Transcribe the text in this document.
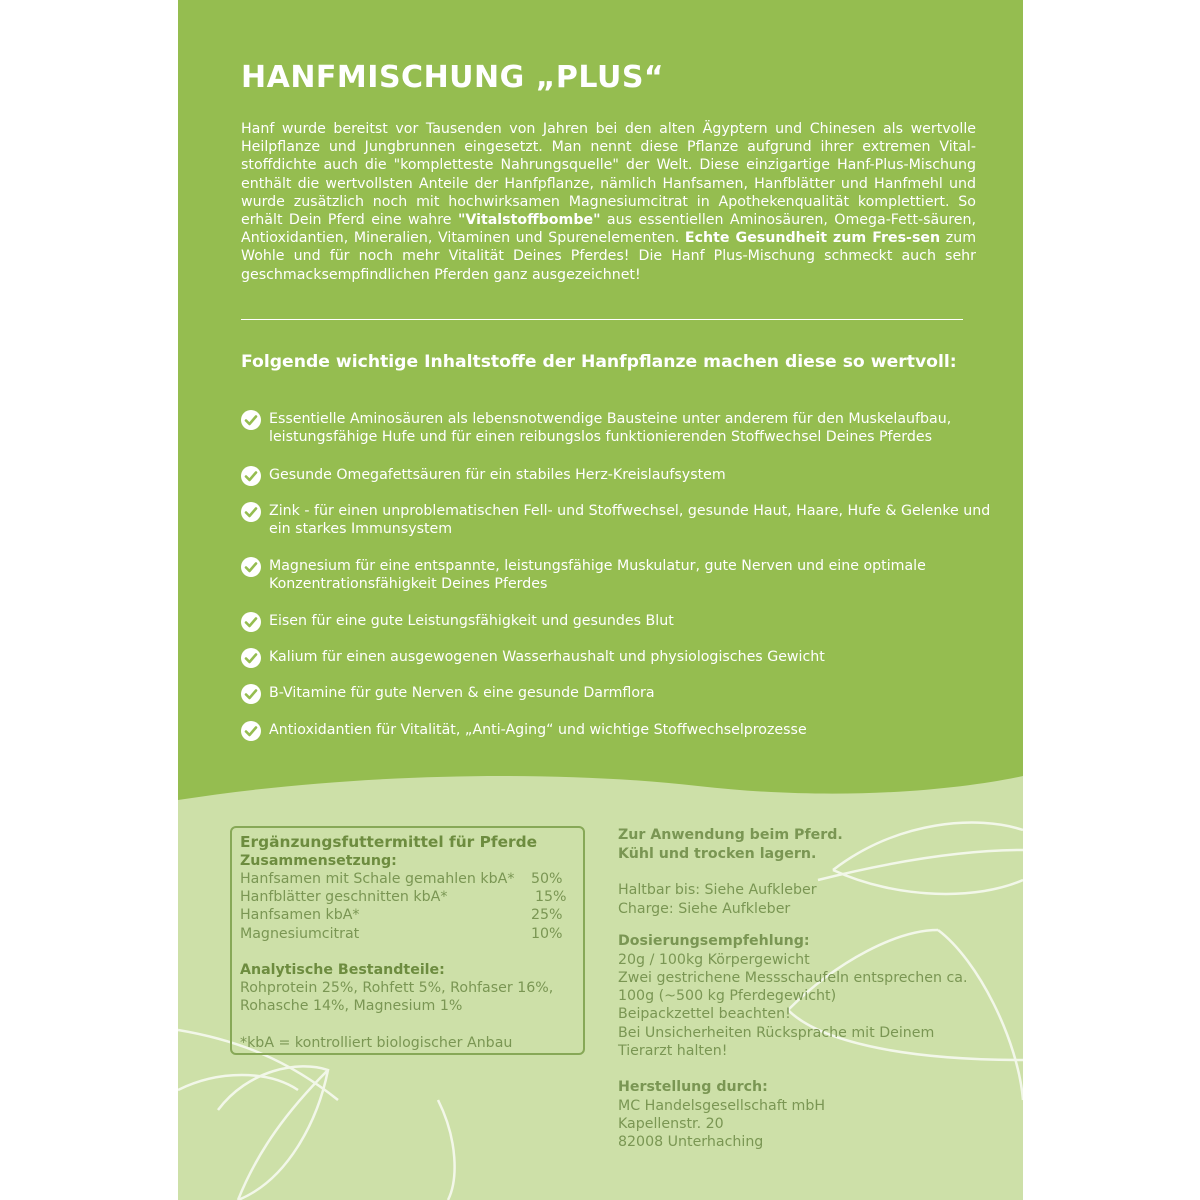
HANFMISCHUNG „PLUS“
Hanf wurde bereitst vor Tausenden von Jahren bei den alten Ägyptern und Chinesen als wertvolle Heilpflanze und Jungbrunnen eingesetzt. Man nennt diese Pflanze aufgrund ihrer extremen Vital-stoffdichte auch die "kompletteste Nahrungsquelle" der Welt. Diese einzigartige Hanf-Plus-Mischung enthält die wertvollsten Anteile der Hanfpflanze, nämlich Hanfsamen, Hanfblätter und Hanfmehl und wurde zusätzlich noch mit hochwirksamen Magnesiumcitrat in Apothekenqualität komplettiert. So erhält Dein Pferd eine wahre "Vitalstoffbombe" aus essentiellen Aminosäuren, Omega-Fett-säuren, Antioxidantien, Mineralien, Vitaminen und Spurenelementen. Echte Gesundheit zum Fres-sen zum Wohle und für noch mehr Vitalität Deines Pferdes! Die Hanf Plus-Mischung schmeckt auch sehr geschmacksempfindlichen Pferden ganz ausgezeichnet!
Folgende wichtige Inhaltstoffe der Hanfpflanze machen diese so wertvoll:
Essentielle Aminosäuren als lebensnotwendige Bausteine unter anderem für den Muskelaufbau, leistungsfähige Hufe und für einen reibungslos funktionierenden Stoffwechsel Deines Pferdes
Gesunde Omegafettsäuren für ein stabiles Herz-Kreislaufsystem
Zink - für einen unproblematischen Fell- und Stoffwechsel, gesunde Haut, Haare, Hufe & Gelenke und ein starkes Immunsystem
Magnesium für eine entspannte, leistungsfähige Muskulatur, gute Nerven und eine optimale Konzentrationsfähigkeit Deines Pferdes
Eisen für eine gute Leistungsfähigkeit und gesundes Blut
Kalium für einen ausgewogenen Wasserhaushalt und physiologisches Gewicht
B-Vitamine für gute Nerven & eine gesunde Darmflora
Antioxidantien für Vitalität, „Anti-Aging“ und wichtige Stoffwechselprozesse
Ergänzungsfuttermittel für Pferde
Zusammensetzung:
Hanfsamen mit Schale gemahlen kbA* 50%
Hanfblätter geschnitten kbA*	15%
Hanfsamen kbA*	25%
Magnesiumcitrat	10%
Analytische Bestandteile:
Rohprotein 25%, Rohfett 5%, Rohfaser 16%,
Rohasche 14%, Magnesium 1%
*kbA = kontrolliert biologischer Anbau
Zur Anwendung beim Pferd.
Kühl und trocken lagern.
Haltbar bis: Siehe Aufkleber
Charge: Siehe Aufkleber
Dosierungsempfehlung:
20g / 100kg Körpergewicht
Zwei gestrichene Messschaufeln entsprechen ca.
100g (~500 kg Pferdegewicht)
Beipackzettel beachten!
Bei Unsicherheiten Rücksprache mit Deinem
Tierarzt halten!
Herstellung durch:
MC Handelsgesellschaft mbH
Kapellenstr. 20
82008 Unterhaching
